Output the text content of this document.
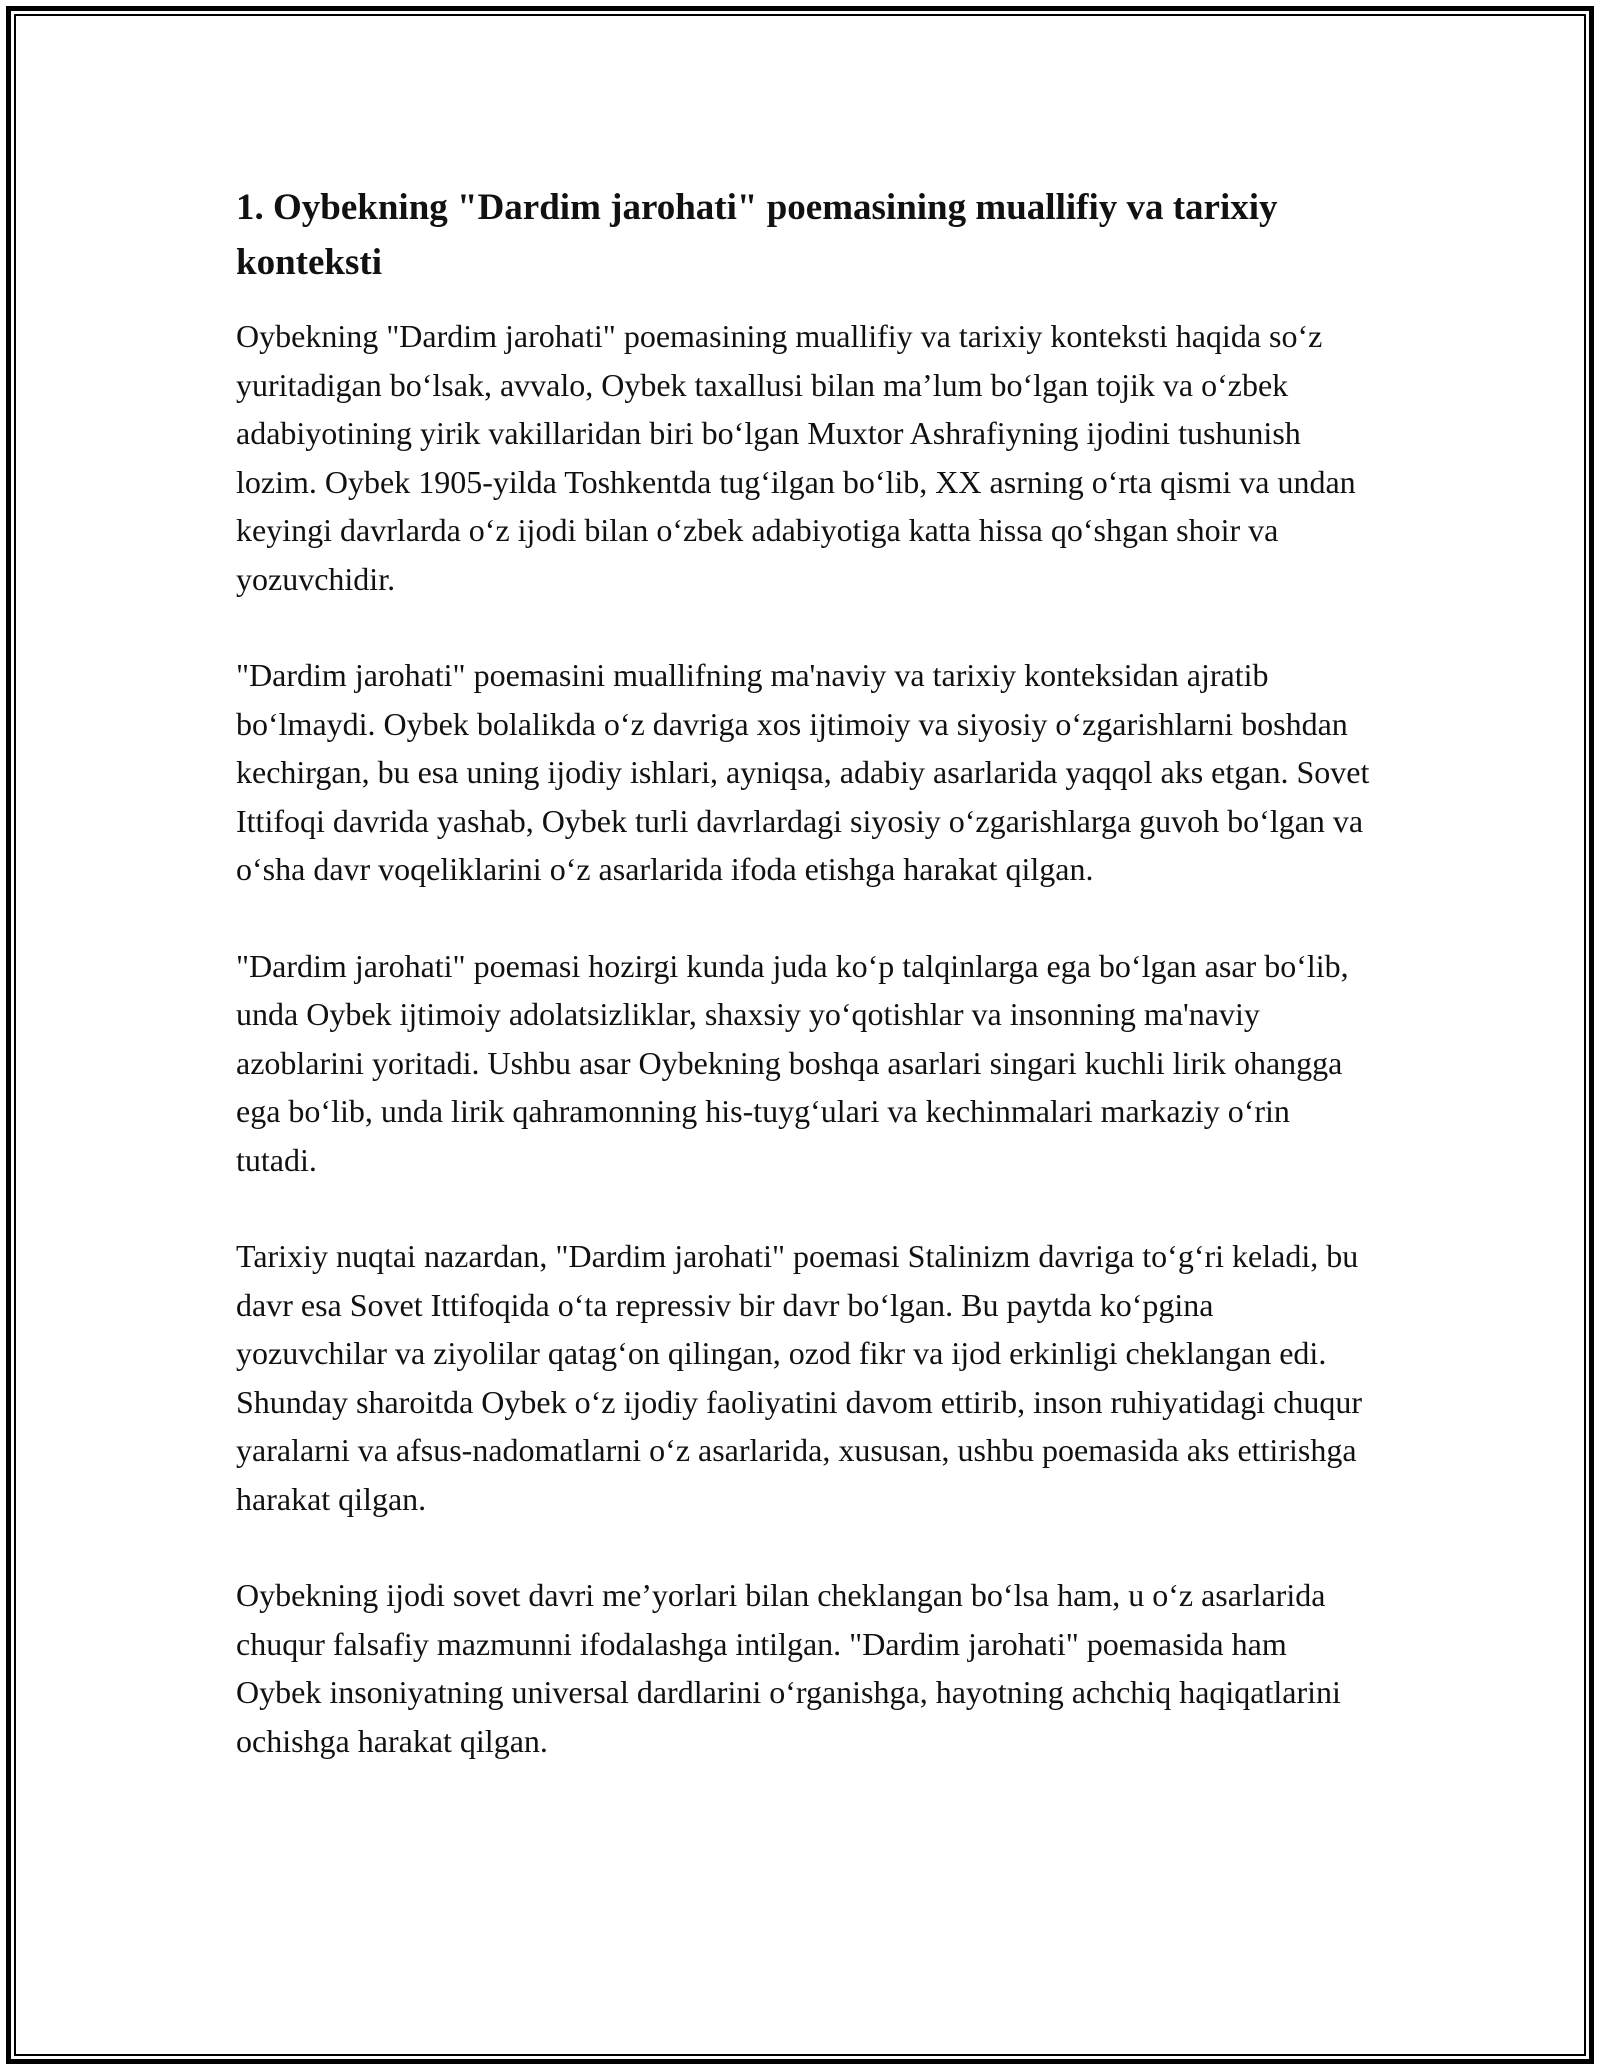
1. Oybekning "Dardim jarohati" poemasining muallifiy va tarixiy konteksti

Oybekning "Dardim jarohati" poemasining muallifiy va tarixiy konteksti haqida so‘z yuritadigan bo‘lsak, avvalo, Oybek taxallusi bilan ma’lum bo‘lgan tojik va o‘zbek adabiyotining yirik vakillaridan biri bo‘lgan Muxtor Ashrafiyning ijodini tushunish lozim. Oybek 1905-yilda Toshkentda tug‘ilgan bo‘lib, XX asrning o‘rta qismi va undan keyingi davrlarda o‘z ijodi bilan o‘zbek adabiyotiga katta hissa qo‘shgan shoir va yozuvchidir.

"Dardim jarohati" poemasini muallifning ma'naviy va tarixiy konteksidan ajratib bo‘lmaydi. Oybek bolalikda o‘z davriga xos ijtimoiy va siyosiy o‘zgarishlarni boshdan kechirgan, bu esa uning ijodiy ishlari, ayniqsa, adabiy asarlarida yaqqol aks etgan. Sovet Ittifoqi davrida yashab, Oybek turli davrlardagi siyosiy o‘zgarishlarga guvoh bo‘lgan va o‘sha davr voqeliklarini o‘z asarlarida ifoda etishga harakat qilgan.

"Dardim jarohati" poemasi hozirgi kunda juda ko‘p talqinlarga ega bo‘lgan asar bo‘lib, unda Oybek ijtimoiy adolatsizliklar, shaxsiy yo‘qotishlar va insonning ma'naviy azoblarini yoritadi. Ushbu asar Oybekning boshqa asarlari singari kuchli lirik ohangga ega bo‘lib, unda lirik qahramonning his-tuyg‘ulari va kechinmalari markaziy o‘rin tutadi.

Tarixiy nuqtai nazardan, "Dardim jarohati" poemasi Stalinizm davriga to‘g‘ri keladi, bu davr esa Sovet Ittifoqida o‘ta repressiv bir davr bo‘lgan. Bu paytda ko‘pgina yozuvchilar va ziyolilar qatag‘on qilingan, ozod fikr va ijod erkinligi cheklangan edi. Shunday sharoitda Oybek o‘z ijodiy faoliyatini davom ettirib, inson ruhiyatidagi chuqur yaralarni va afsus-nadomatlarni o‘z asarlarida, xususan, ushbu poemasida aks ettirishga harakat qilgan.

Oybekning ijodi sovet davri me’yorlari bilan cheklangan bo‘lsa ham, u o‘z asarlarida chuqur falsafiy mazmunni ifodalashga intilgan. "Dardim jarohati" poemasida ham Oybek insoniyatning universal dardlarini o‘rganishga, hayotning achchiq haqiqatlarini ochishga harakat qilgan.
